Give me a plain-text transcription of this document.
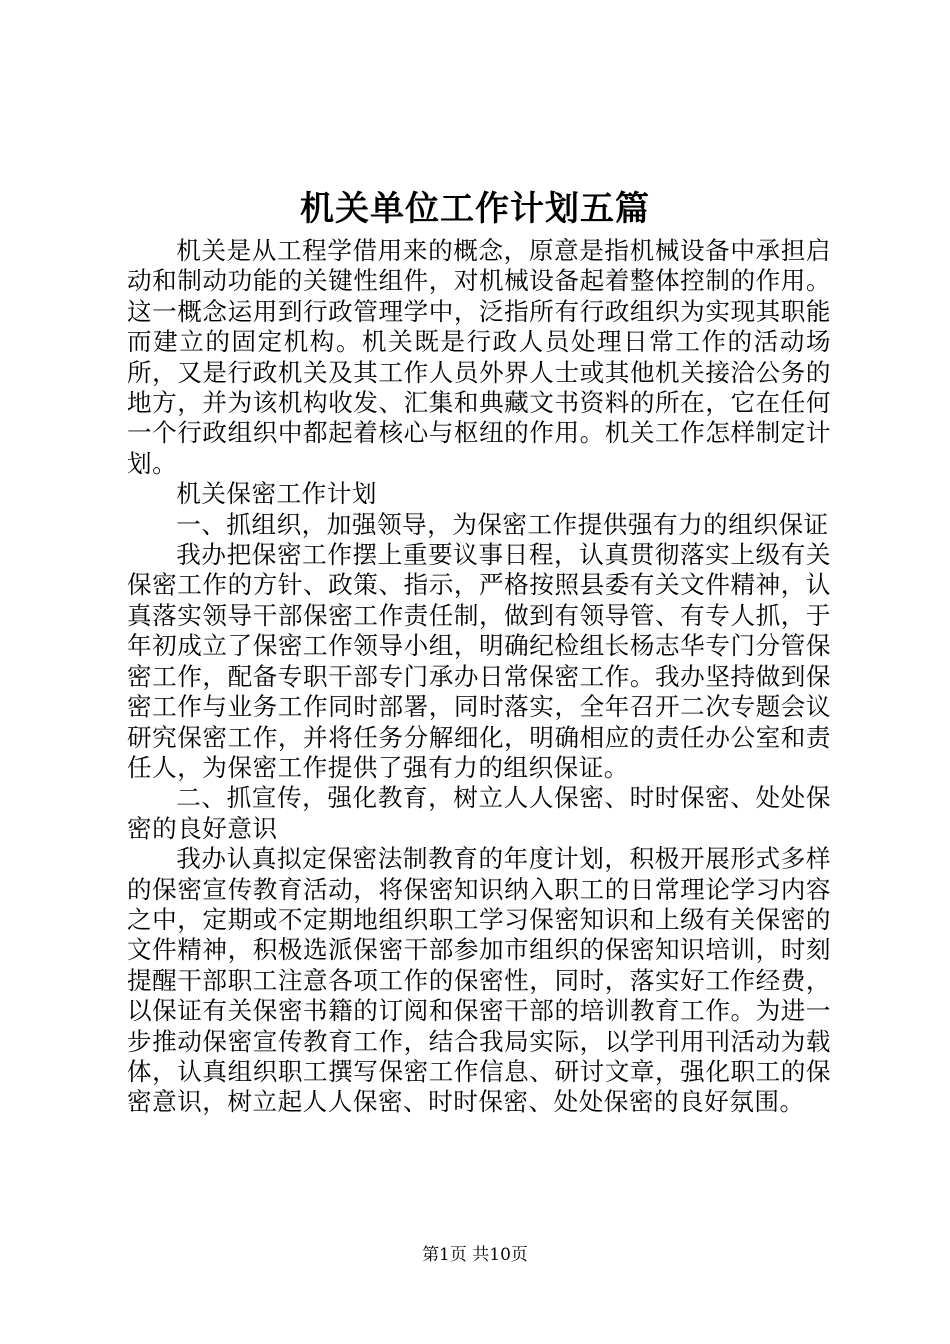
机关单位工作计划五篇

机关是从工程学借用来的概念，原意是指机械设备中承担启动和制动功能的关键性组件，对机械设备起着整体控制的作用。这一概念运用到行政管理学中，泛指所有行政组织为实现其职能而建立的固定机构。机关既是行政人员处理日常工作的活动场所，又是行政机关及其工作人员外界人士或其他机关接洽公务的地方，并为该机构收发、汇集和典藏文书资料的所在，它在任何一个行政组织中都起着核心与枢纽的作用。机关工作怎样制定计划。

机关保密工作计划

一、抓组织，加强领导，为保密工作提供强有力的组织保证

我办把保密工作摆上重要议事日程，认真贯彻落实上级有关保密工作的方针、政策、指示，严格按照县委有关文件精神，认真落实领导干部保密工作责任制，做到有领导管、有专人抓，于年初成立了保密工作领导小组，明确纪检组长杨志华专门分管保密工作，配备专职干部专门承办日常保密工作。我办坚持做到保密工作与业务工作同时部署，同时落实，全年召开二次专题会议研究保密工作，并将任务分解细化，明确相应的责任办公室和责任人，为保密工作提供了强有力的组织保证。

二、抓宣传，强化教育，树立人人保密、时时保密、处处保密的良好意识

我办认真拟定保密法制教育的年度计划，积极开展形式多样的保密宣传教育活动，将保密知识纳入职工的日常理论学习内容之中，定期或不定期地组织职工学习保密知识和上级有关保密的文件精神，积极选派保密干部参加市组织的保密知识培训，时刻提醒干部职工注意各项工作的保密性，同时，落实好工作经费，以保证有关保密书籍的订阅和保密干部的培训教育工作。为进一步推动保密宣传教育工作，结合我局实际，以学刊用刊活动为载体，认真组织职工撰写保密工作信息、研讨文章，强化职工的保密意识，树立起人人保密、时时保密、处处保密的良好氛围。

第1页 共10页
